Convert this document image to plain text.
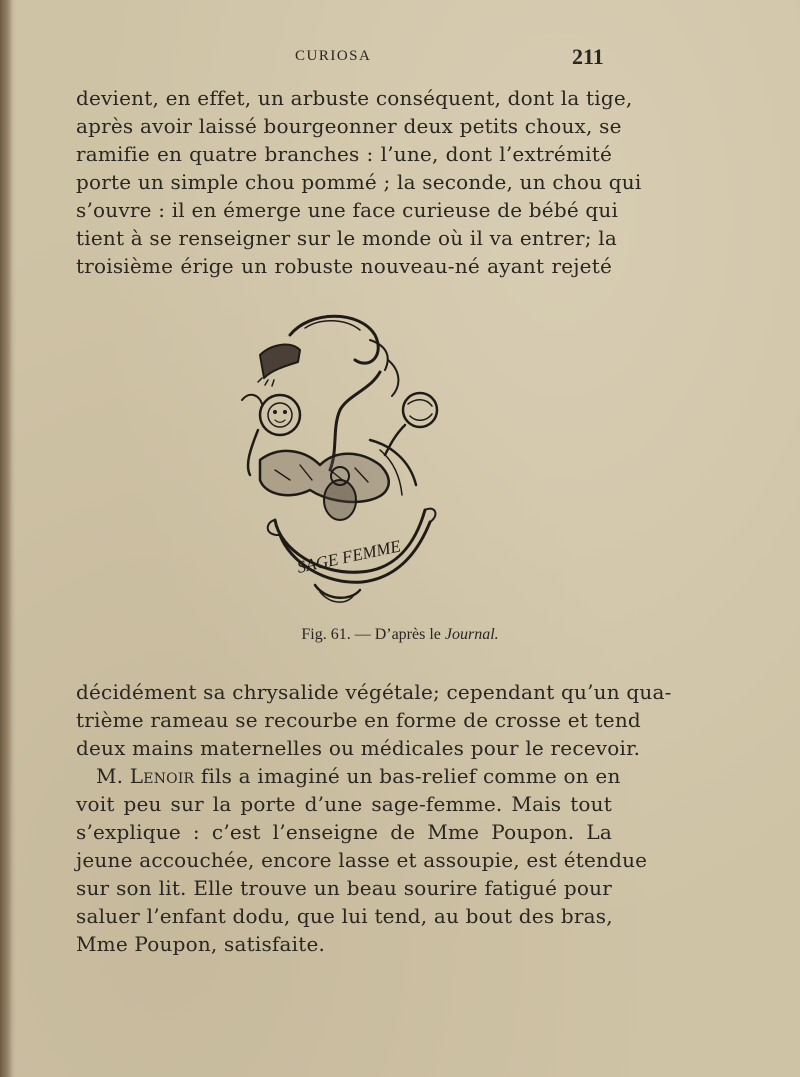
CURIOSA	211
devient, en effet, un arbuste conséquent, dont la tige,
après avoir laissé bourgeonner deux petits choux, se
ramifie en quatre branches : l’une, dont l’extrémité
porte un simple chou pommé ; la seconde, un chou qui
s’ouvre : il en émerge une face curieuse de bébé qui
tient à se renseigner sur le monde où il va entrer; la
troisième érige un robuste nouveau-né ayant rejeté
SAGE FEMME
Fig. 61. — D’après le Journal.
décidément sa chrysalide végétale; cependant qu’un qua-
trième rameau se recourbe en forme de crosse et tend
deux mains maternelles ou médicales pour le recevoir.
M. Lenoir fils a imaginé un bas-relief comme on en
voit peu sur la porte d’une sage-femme. Mais tout
s’explique : c’est l’enseigne de Mme Poupon. La
jeune accouchée, encore lasse et assoupie, est étendue
sur son lit. Elle trouve un beau sourire fatigué pour
saluer l’enfant dodu, que lui tend, au bout des bras,
Mme Poupon, satisfaite.
